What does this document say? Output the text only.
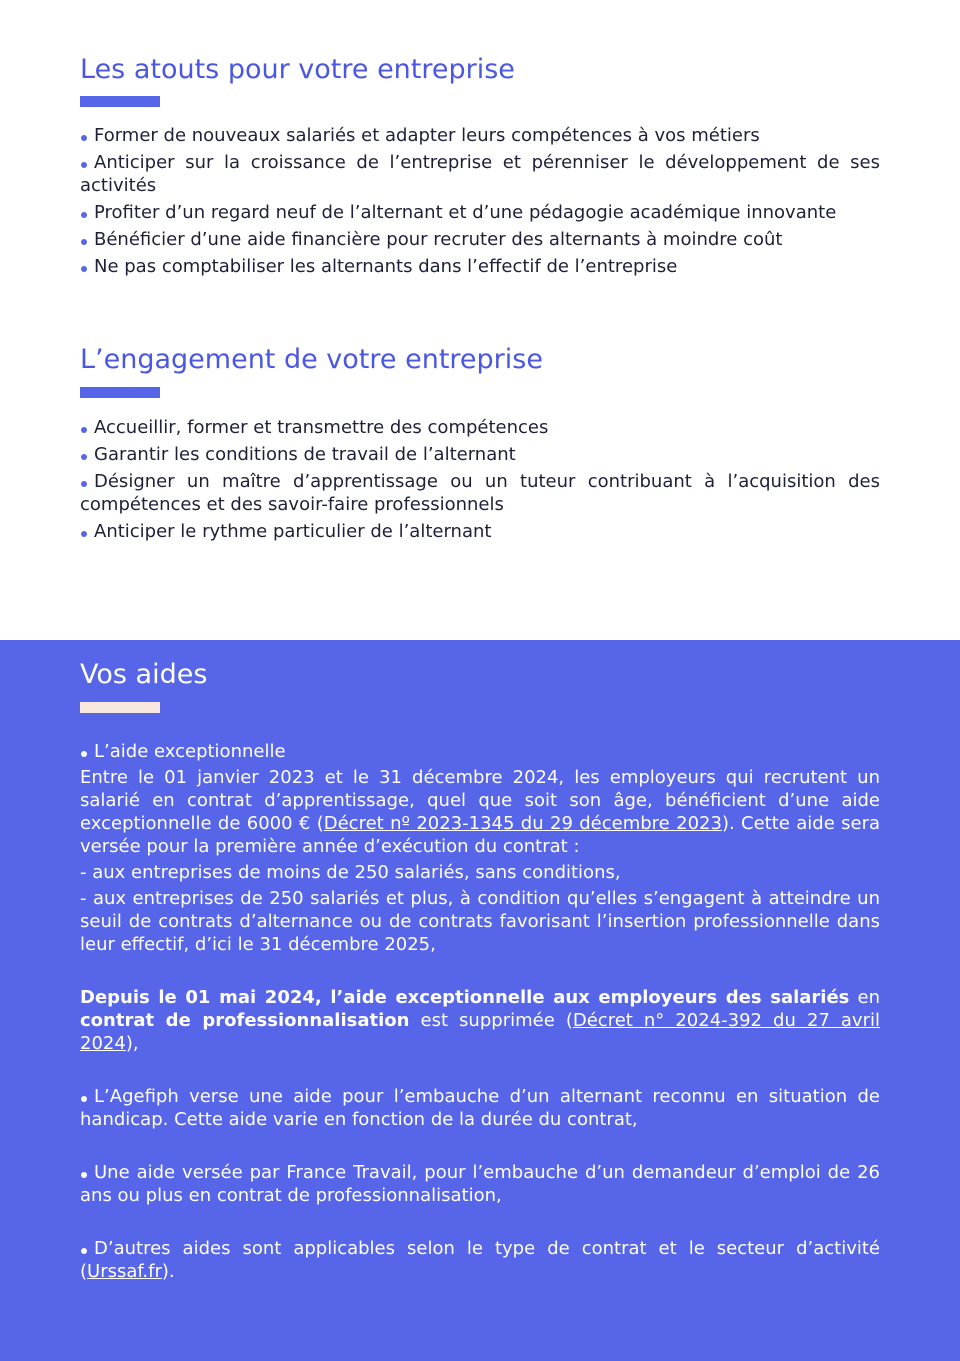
Les atouts pour votre entreprise
Former de nouveaux salariés et adapter leurs compétences à vos métiers
Anticiper sur la croissance de l’entreprise et pérenniser le développement de ses activités
Profiter d’un regard neuf de l’alternant et d’une pédagogie académique innovante
Bénéficier d’une aide financière pour recruter des alternants à moindre coût
Ne pas comptabiliser les alternants dans l’effectif de l’entreprise
L’engagement de votre entreprise
Accueillir, former et transmettre des compétences
Garantir les conditions de travail de l’alternant
Désigner un maître d’apprentissage ou un tuteur contribuant à l’acquisition des compétences et des savoir-faire professionnels
Anticiper le rythme particulier de l’alternant
Vos aides

L’aide exceptionnelle

Entre le 01 janvier 2023 et le 31 décembre 2024, les employeurs qui recrutent un salarié en contrat d’apprentissage, quel que soit son âge, bénéficient d’une aide exceptionnelle de 6000 € (Décret nº 2023-1345 du 29 décembre 2023). Cette aide sera versée pour la première année d’exécution du contrat :

- aux entreprises de moins de 250 salariés, sans conditions,

- aux entreprises de 250 salariés et plus, à condition qu’elles s’engagent à atteindre un seuil de contrats d’alternance ou de contrats favorisant l’insertion professionnelle dans leur effectif, d’ici le 31 décembre 2025,

Depuis le 01 mai 2024, l’aide exceptionnelle aux employeurs des salariés en contrat de professionnalisation est supprimée (Décret n° 2024-392 du 27 avril 2024),

L’Agefiph verse une aide pour l’embauche d’un alternant reconnu en situation de handicap. Cette aide varie en fonction de la durée du contrat,

Une aide versée par France Travail, pour l’embauche d’un demandeur d’emploi de 26 ans ou plus en contrat de professionnalisation,

D’autres aides sont applicables selon le type de contrat et le secteur d’activité (Urssaf.fr).
